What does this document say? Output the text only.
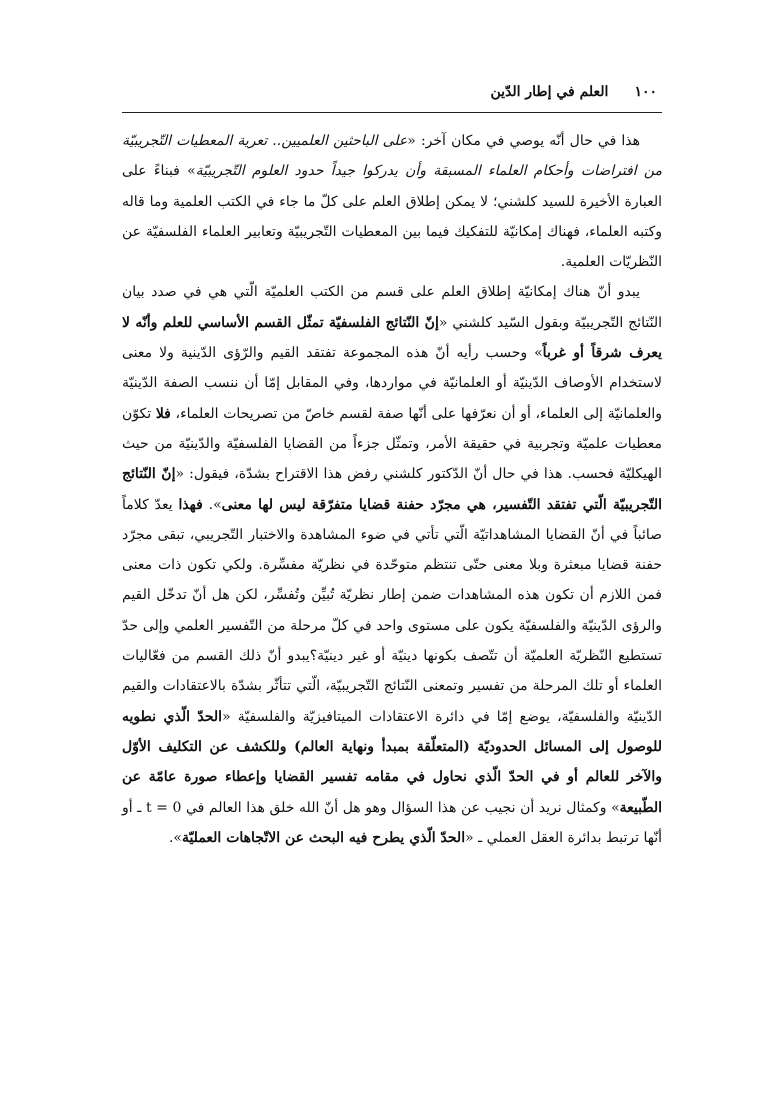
١٠٠العلم في إطار الدّين

هذا في حال أنّه يوصي في مكان آخر: «على الباحثين العلميين.. تعرية المعطيات التّجريبيّة من افتراضات وأحكام العلماء المسبقة وأن يدركوا جيداً حدود العلوم التّجريبيّة» فبناءً على العبارة الأخيرة للسيد كلشني؛ لا يمكن إطلاق العلم على كلّ ما جاء في الكتب العلمية وما قاله وكتبه العلماء، فهناك إمكانيّة للتفكيك فيما بين المعطيات التّجريبيّة وتعابير العلماء الفلسفيّة عن النّظريّات العلمية.

يبدو أنّ هناك إمكانيّة إطلاق العلم على قسم من الكتب العلميّة الّتي هي في صدد بيان النّتائج التّجريبيّة وبقول السّيد كلشني «إنّ النّتائج الفلسفيّة تمثّل القسم الأساسي للعلم وأنّه لا يعرف شرقاً أو غرباً» وحسب رأيه أنّ هذه المجموعة تفتقد القيم والرّؤى الدّينية ولا معنى لاستخدام الأوصاف الدّينيّة أو العلمانيّة في مواردها، وفي المقابل إمّا أن ننسب الصفة الدّينيّة والعلمانيّة إلى العلماء، أو أن نعرّفها على أنّها صفة لقسم خاصّ من تصريحات العلماء، فلا تكوّن معطيات علميّة وتجربية في حقيقة الأمر، وتمثّل جزءاً من القضايا الفلسفيّة والدّينيّة من حيث الهيكليّة فحسب. هذا في حال أنّ الدّكتور كلشني رفض هذا الاقتراح بشدّة، فيقول: «إنّ النّتائج التّجريبيّة الّتي تفتقد التّفسير، هي مجرّد حفنة قضايا متفرّقة ليس لها معنى». فهذا يعدّ كلاماً صائباً في أنّ القضايا المشاهداتيّة الّتي تأتي في ضوء المشاهدة والاختبار التّجريبي، تبقى مجرّد حفنة قضايا مبعثرة وبلا معنى حتّى تنتظم متوحّدة في نظريّة مفسِّرة. ولكي تكون ذات معنى فمن اللازم أن تكون هذه المشاهدات ضمن إطار نظريّة تُبيِّن وتُفسِّر، لكن هل أنّ تدخّل القيم والرؤى الدّينيّة والفلسفيّة يكون على مستوى واحد في كلّ مرحلة من التّفسير العلمي وإلى حدّ تستطيع النّظريّة العلميّة أن تتّصف بكونها دينيّة أو غير دينيّة؟يبدو أنّ ذلك القسم من فعّاليات العلماء أو تلك المرحلة من تفسير وتمعنى النّتائج التّجريبيّة، الّتي تتأثّر بشدّة بالاعتقادات والقيم الدّينيّة والفلسفيّة، يوضع إمّا في دائرة الاعتقادات الميتافيزيّة والفلسفيّة «الحدّ الّذي نطويه للوصول إلى المسائل الحدوديّة (المتعلّقة بمبدأ ونهاية العالم) وللكشف عن التكليف الأوّل والآخر للعالم أو في الحدّ الّذي نحاول في مقامه تفسير القضايا وإعطاء صورة عامّة عن الطّبيعة» وكمثال نريد أن نجيب عن هذا السؤال وهو هل أنّ الله خلق هذا العالم في t = 0 ـ أو أنّها ترتبط بدائرة العقل العملي ـ «الحدّ الّذي يطرح فيه البحث عن الاتّجاهات العمليّة».
